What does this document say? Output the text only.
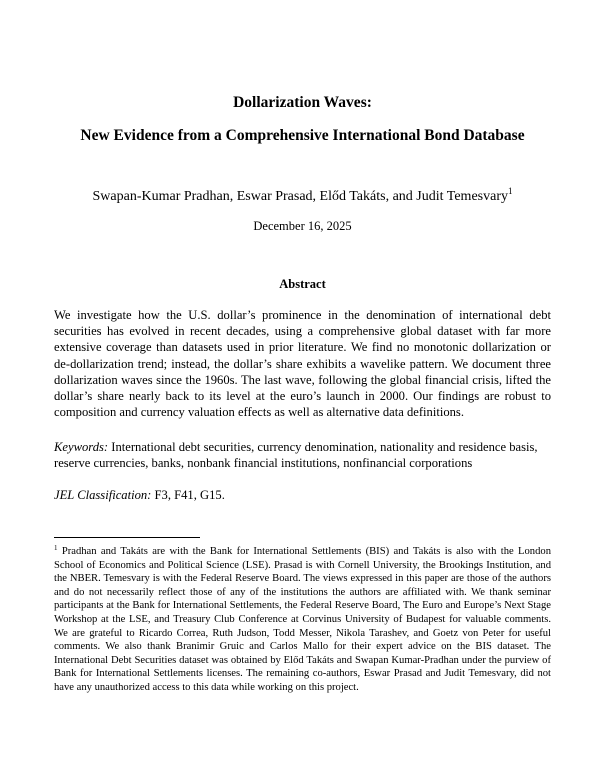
Dollarization Waves:
New Evidence from a Comprehensive International Bond Database
Swapan-Kumar Pradhan, Eswar Prasad, Előd Takáts, and Judit Temesvary$^1$
December 16, 2025
Abstract

We investigate how the U.S. dollar’s prominence in the denomination of international debt securities has evolved in recent decades, using a comprehensive global dataset with far more extensive coverage than datasets used in prior literature. We find no monotonic dollarization or de-dollarization trend; instead, the dollar’s share exhibits a wavelike pattern. We document three dollarization waves since the 1960s. The last wave, following the global financial crisis, lifted the dollar’s share nearly back to its level at the euro’s launch in 2000. Our findings are robust to composition and currency valuation effects as well as alternative data definitions.

Keywords: International debt securities, currency denomination, nationality and residence basis, reserve currencies, banks, nonbank financial institutions, nonfinancial corporations

JEL Classification: F3, F41, G15.

$^1$ Pradhan and Takáts are with the Bank for International Settlements (BIS) and Takáts is also with the London School of Economics and Political Science (LSE). Prasad is with Cornell University, the Brookings Institution, and the NBER. Temesvary is with the Federal Reserve Board. The views expressed in this paper are those of the authors and do not necessarily reflect those of any of the institutions the authors are affiliated with. We thank seminar participants at the Bank for International Settlements, the Federal Reserve Board, The Euro and Europe’s Next Stage Workshop at the LSE, and Treasury Club Conference at Corvinus University of Budapest for valuable comments. We are grateful to Ricardo Correa, Ruth Judson, Todd Messer, Nikola Tarashev, and Goetz von Peter for useful comments. We also thank Branimir Gruic and Carlos Mallo for their expert advice on the BIS dataset. The International Debt Securities dataset was obtained by Előd Takáts and Swapan Kumar-Pradhan under the purview of Bank for International Settlements licenses. The remaining co-authors, Eswar Prasad and Judit Temesvary, did not have any unauthorized access to this data while working on this project.
